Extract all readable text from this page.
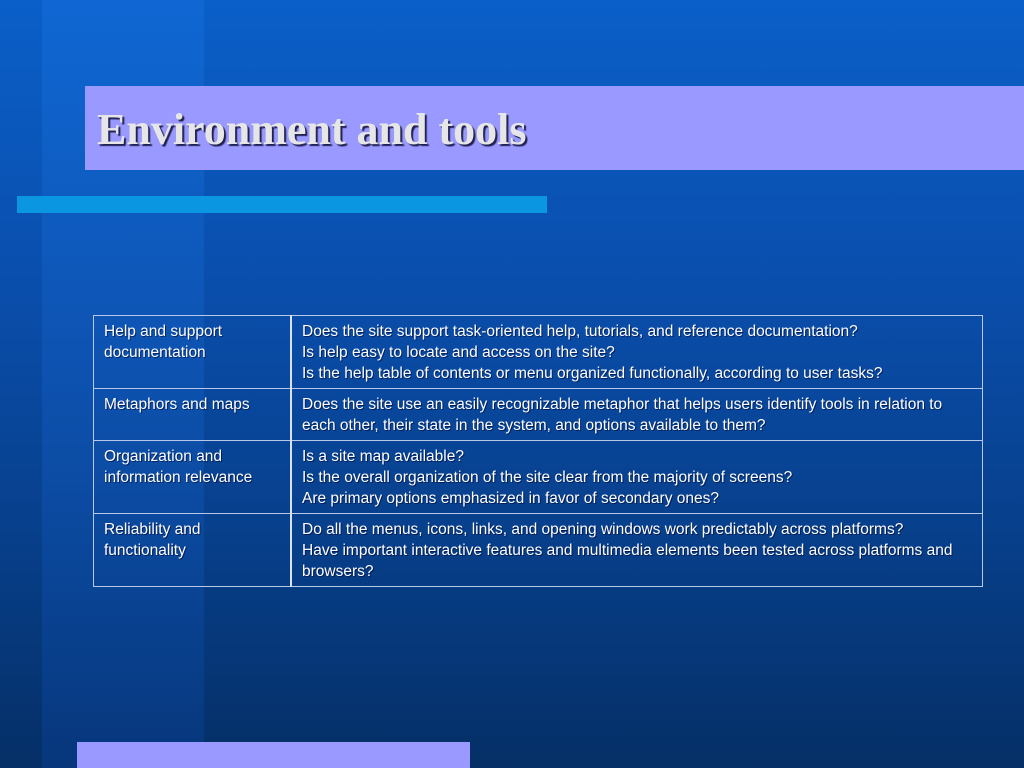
Environment and tools
Help and support documentation	Does the site support task-oriented help, tutorials, and reference documentation?
Is help easy to locate and access on the site?
Is the help table of contents or menu organized functionally, according to user tasks?

Metaphors and maps	Does the site use an easily recognizable metaphor that helps users identify tools in relation to each other, their state in the system, and options available to them?

Organization and information relevance	Is a site map available?
Is the overall organization of the site clear from the majority of screens?
Are primary options emphasized in favor of secondary ones?

Reliability and functionality	Do all the menus, icons, links, and opening windows work predictably across platforms?
Have important interactive features and multimedia elements been tested across platforms and browsers?
